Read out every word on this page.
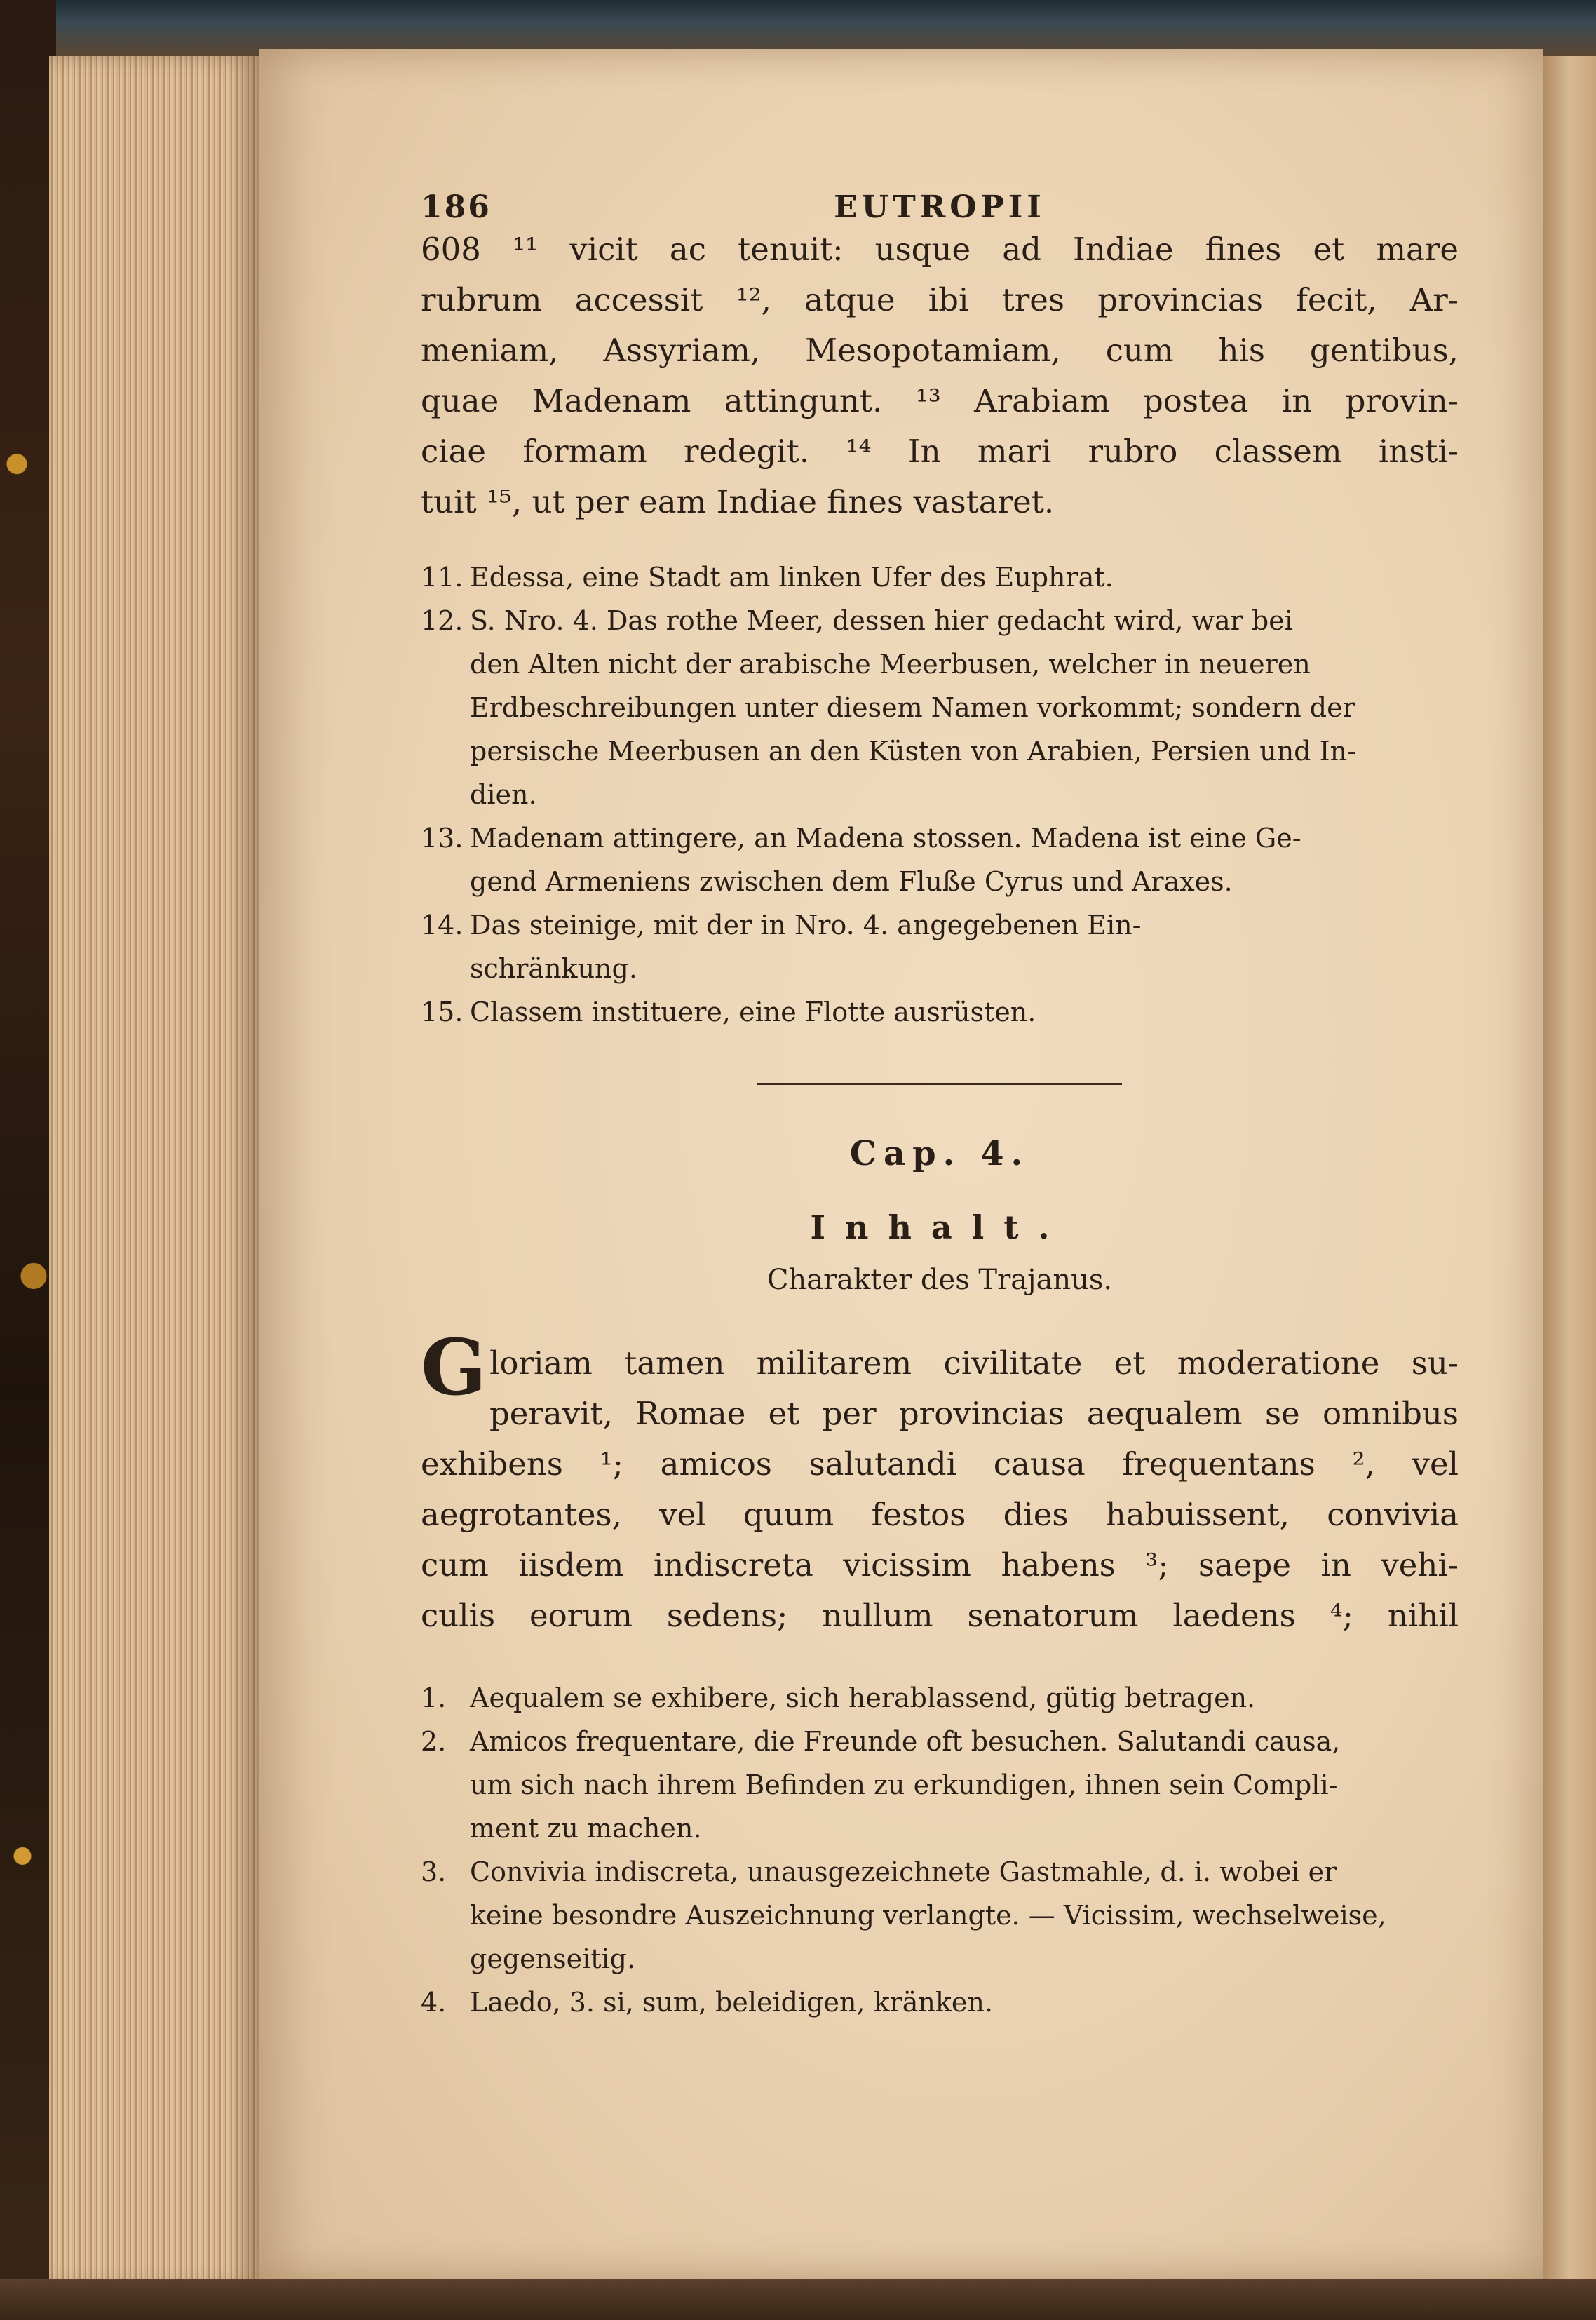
186	EUTROPII
608 ¹¹ vicit ac tenuit: usque ad Indiae fines et mare
rubrum accessit ¹², atque ibi tres provincias fecit, Ar-
meniam, Assyriam, Mesopotamiam, cum his gentibus,
quae Madenam attingunt. ¹³ Arabiam postea in provin-
ciae formam redegit. ¹⁴ In mari rubro classem insti-
tuit ¹⁵, ut per eam Indiae fines vastaret.
11. Edessa, eine Stadt am linken Ufer des Euphrat.
12. S. Nro. 4. Das rothe Meer, dessen hier gedacht wird, war bei
den Alten nicht der arabische Meerbusen, welcher in neueren
Erdbeschreibungen unter diesem Namen vorkommt; sondern der
persische Meerbusen an den Küsten von Arabien, Persien und In-
dien.
13. Madenam attingere, an Madena stossen. Madena ist eine Ge-
gend Armeniens zwischen dem Fluße Cyrus und Araxes.
14. Das steinige, mit der in Nro. 4. angegebenen Ein-
schränkung.
15. Classem instituere, eine Flotte ausrüsten.
Cap. 4.
Inhalt.
Charakter des Trajanus.
G loriam tamen militarem civilitate et moderatione su-
peravit, Romae et per provincias aequalem se omnibus
exhibens ¹; amicos salutandi causa frequentans ², vel
aegrotantes, vel quum festos dies habuissent, convivia
cum iisdem indiscreta vicissim habens ³; saepe in vehi-
culis eorum sedens; nullum senatorum laedens ⁴; nihil
1. Aequalem se exhibere, sich herablassend, gütig betragen.
2. Amicos frequentare, die Freunde oft besuchen. Salutandi causa,
um sich nach ihrem Befinden zu erkundigen, ihnen sein Compli-
ment zu machen.
3. Convivia indiscreta, unausgezeichnete Gastmahle, d. i. wobei er
keine besondre Auszeichnung verlangte. — Vicissim, wechselweise,
gegenseitig.
4. Laedo, 3. si, sum, beleidigen, kränken.
